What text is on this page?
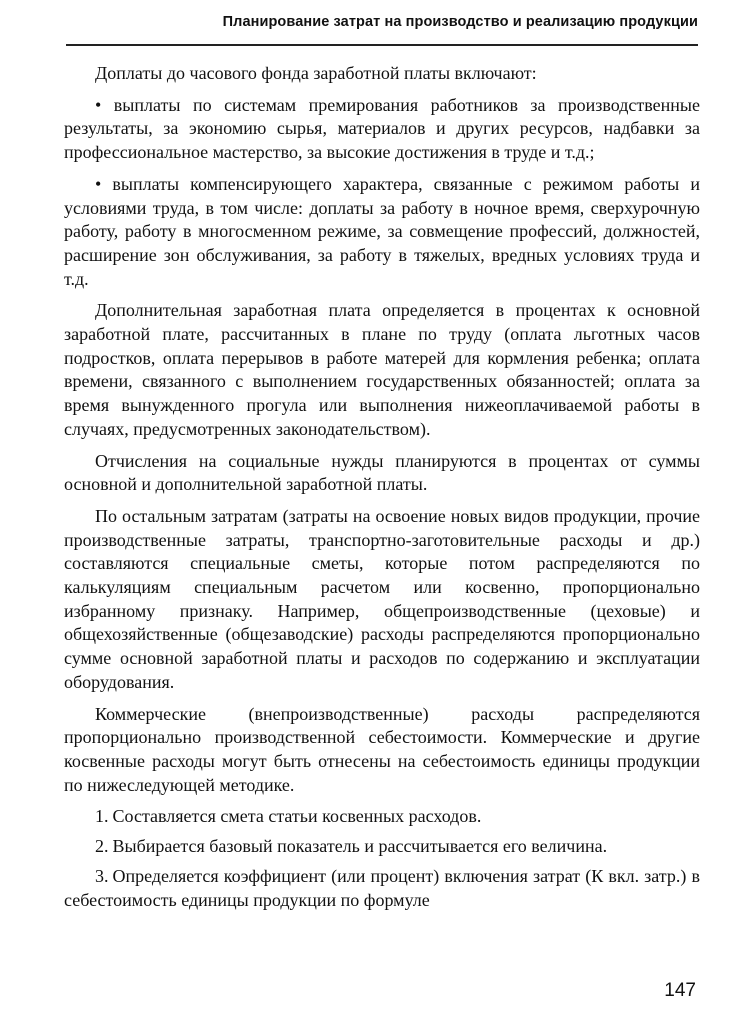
Планирование затрат на производство и реализацию продукции

Доплаты до часового фонда заработной платы включают:

• выплаты по системам премирования работников за производственные результаты, за экономию сырья, материалов и других ресурсов, надбавки за профессиональное мастерство, за высокие достижения в труде и т.д.;

• выплаты компенсирующего характера, связанные с режимом работы и условиями труда, в том числе: доплаты за работу в ночное время, сверхурочную работу, работу в многосменном режиме, за совмещение профессий, должностей, расширение зон обслуживания, за работу в тяжелых, вредных условиях труда и т.д.

Дополнительная заработная плата определяется в процентах к основной заработной плате, рассчитанных в плане по труду (оплата льготных часов подростков, оплата перерывов в работе матерей для кормления ребенка; оплата времени, связанного с выполнением государственных обязанностей; оплата за время вынужденного прогула или выполнения нижеоплачиваемой работы в случаях, предусмотренных законодательством).

Отчисления на социальные нужды планируются в процентах от суммы основной и дополнительной заработной платы.

По остальным затратам (затраты на освоение новых видов продукции, прочие производственные затраты, транспортно-заготовительные расходы и др.) составляются специальные сметы, которые потом распределяются по калькуляциям специальным расчетом или косвенно, пропорционально избранному признаку. Например, общепроизводственные (цеховые) и общехозяйственные (общезаводские) расходы распределяются пропорционально сумме основной заработной платы и расходов по содержанию и эксплуатации оборудования.

Коммерческие (внепроизводственные) расходы распределяются пропорционально производственной себестоимости. Коммерческие и другие косвенные расходы могут быть отнесены на себестоимость единицы продукции по нижеследующей методике.

1. Составляется смета статьи косвенных расходов.

2. Выбирается базовый показатель и рассчитывается его величина.

3. Определяется коэффициент (или процент) включения затрат (К вкл. затр.) в себестоимость единицы продукции по формуле

147
